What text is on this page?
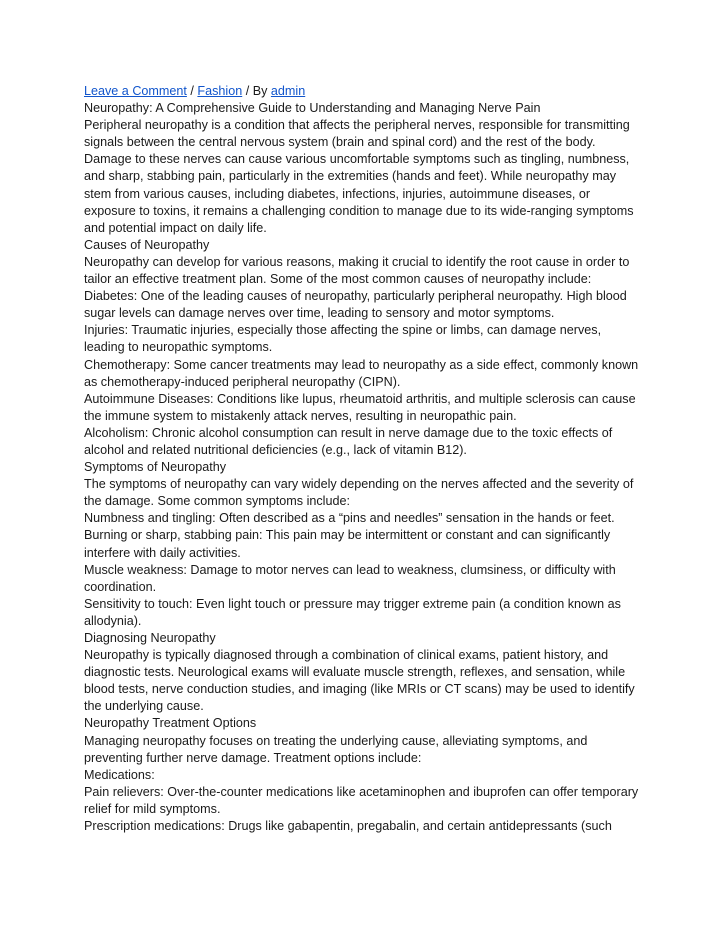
Leave a Comment / Fashion / By admin
Neuropathy: A Comprehensive Guide to Understanding and Managing Nerve Pain
Peripheral neuropathy is a condition that affects the peripheral nerves, responsible for transmitting signals between the central nervous system (brain and spinal cord) and the rest of the body. Damage to these nerves can cause various uncomfortable symptoms such as tingling, numbness, and sharp, stabbing pain, particularly in the extremities (hands and feet). While neuropathy may stem from various causes, including diabetes, infections, injuries, autoimmune diseases, or exposure to toxins, it remains a challenging condition to manage due to its wide-ranging symptoms and potential impact on daily life.
Causes of Neuropathy
Neuropathy can develop for various reasons, making it crucial to identify the root cause in order to tailor an effective treatment plan. Some of the most common causes of neuropathy include:
Diabetes: One of the leading causes of neuropathy, particularly peripheral neuropathy. High blood sugar levels can damage nerves over time, leading to sensory and motor symptoms.
Injuries: Traumatic injuries, especially those affecting the spine or limbs, can damage nerves, leading to neuropathic symptoms.
Chemotherapy: Some cancer treatments may lead to neuropathy as a side effect, commonly known as chemotherapy-induced peripheral neuropathy (CIPN).
Autoimmune Diseases: Conditions like lupus, rheumatoid arthritis, and multiple sclerosis can cause the immune system to mistakenly attack nerves, resulting in neuropathic pain.
Alcoholism: Chronic alcohol consumption can result in nerve damage due to the toxic effects of alcohol and related nutritional deficiencies (e.g., lack of vitamin B12).
Symptoms of Neuropathy
The symptoms of neuropathy can vary widely depending on the nerves affected and the severity of the damage. Some common symptoms include:
Numbness and tingling: Often described as a “pins and needles” sensation in the hands or feet.
Burning or sharp, stabbing pain: This pain may be intermittent or constant and can significantly interfere with daily activities.
Muscle weakness: Damage to motor nerves can lead to weakness, clumsiness, or difficulty with coordination.
Sensitivity to touch: Even light touch or pressure may trigger extreme pain (a condition known as allodynia).
Diagnosing Neuropathy
Neuropathy is typically diagnosed through a combination of clinical exams, patient history, and diagnostic tests. Neurological exams will evaluate muscle strength, reflexes, and sensation, while blood tests, nerve conduction studies, and imaging (like MRIs or CT scans) may be used to identify the underlying cause.
Neuropathy Treatment Options
Managing neuropathy focuses on treating the underlying cause, alleviating symptoms, and preventing further nerve damage. Treatment options include:
Medications:
Pain relievers: Over-the-counter medications like acetaminophen and ibuprofen can offer temporary relief for mild symptoms.
Prescription medications: Drugs like gabapentin, pregabalin, and certain antidepressants (such
